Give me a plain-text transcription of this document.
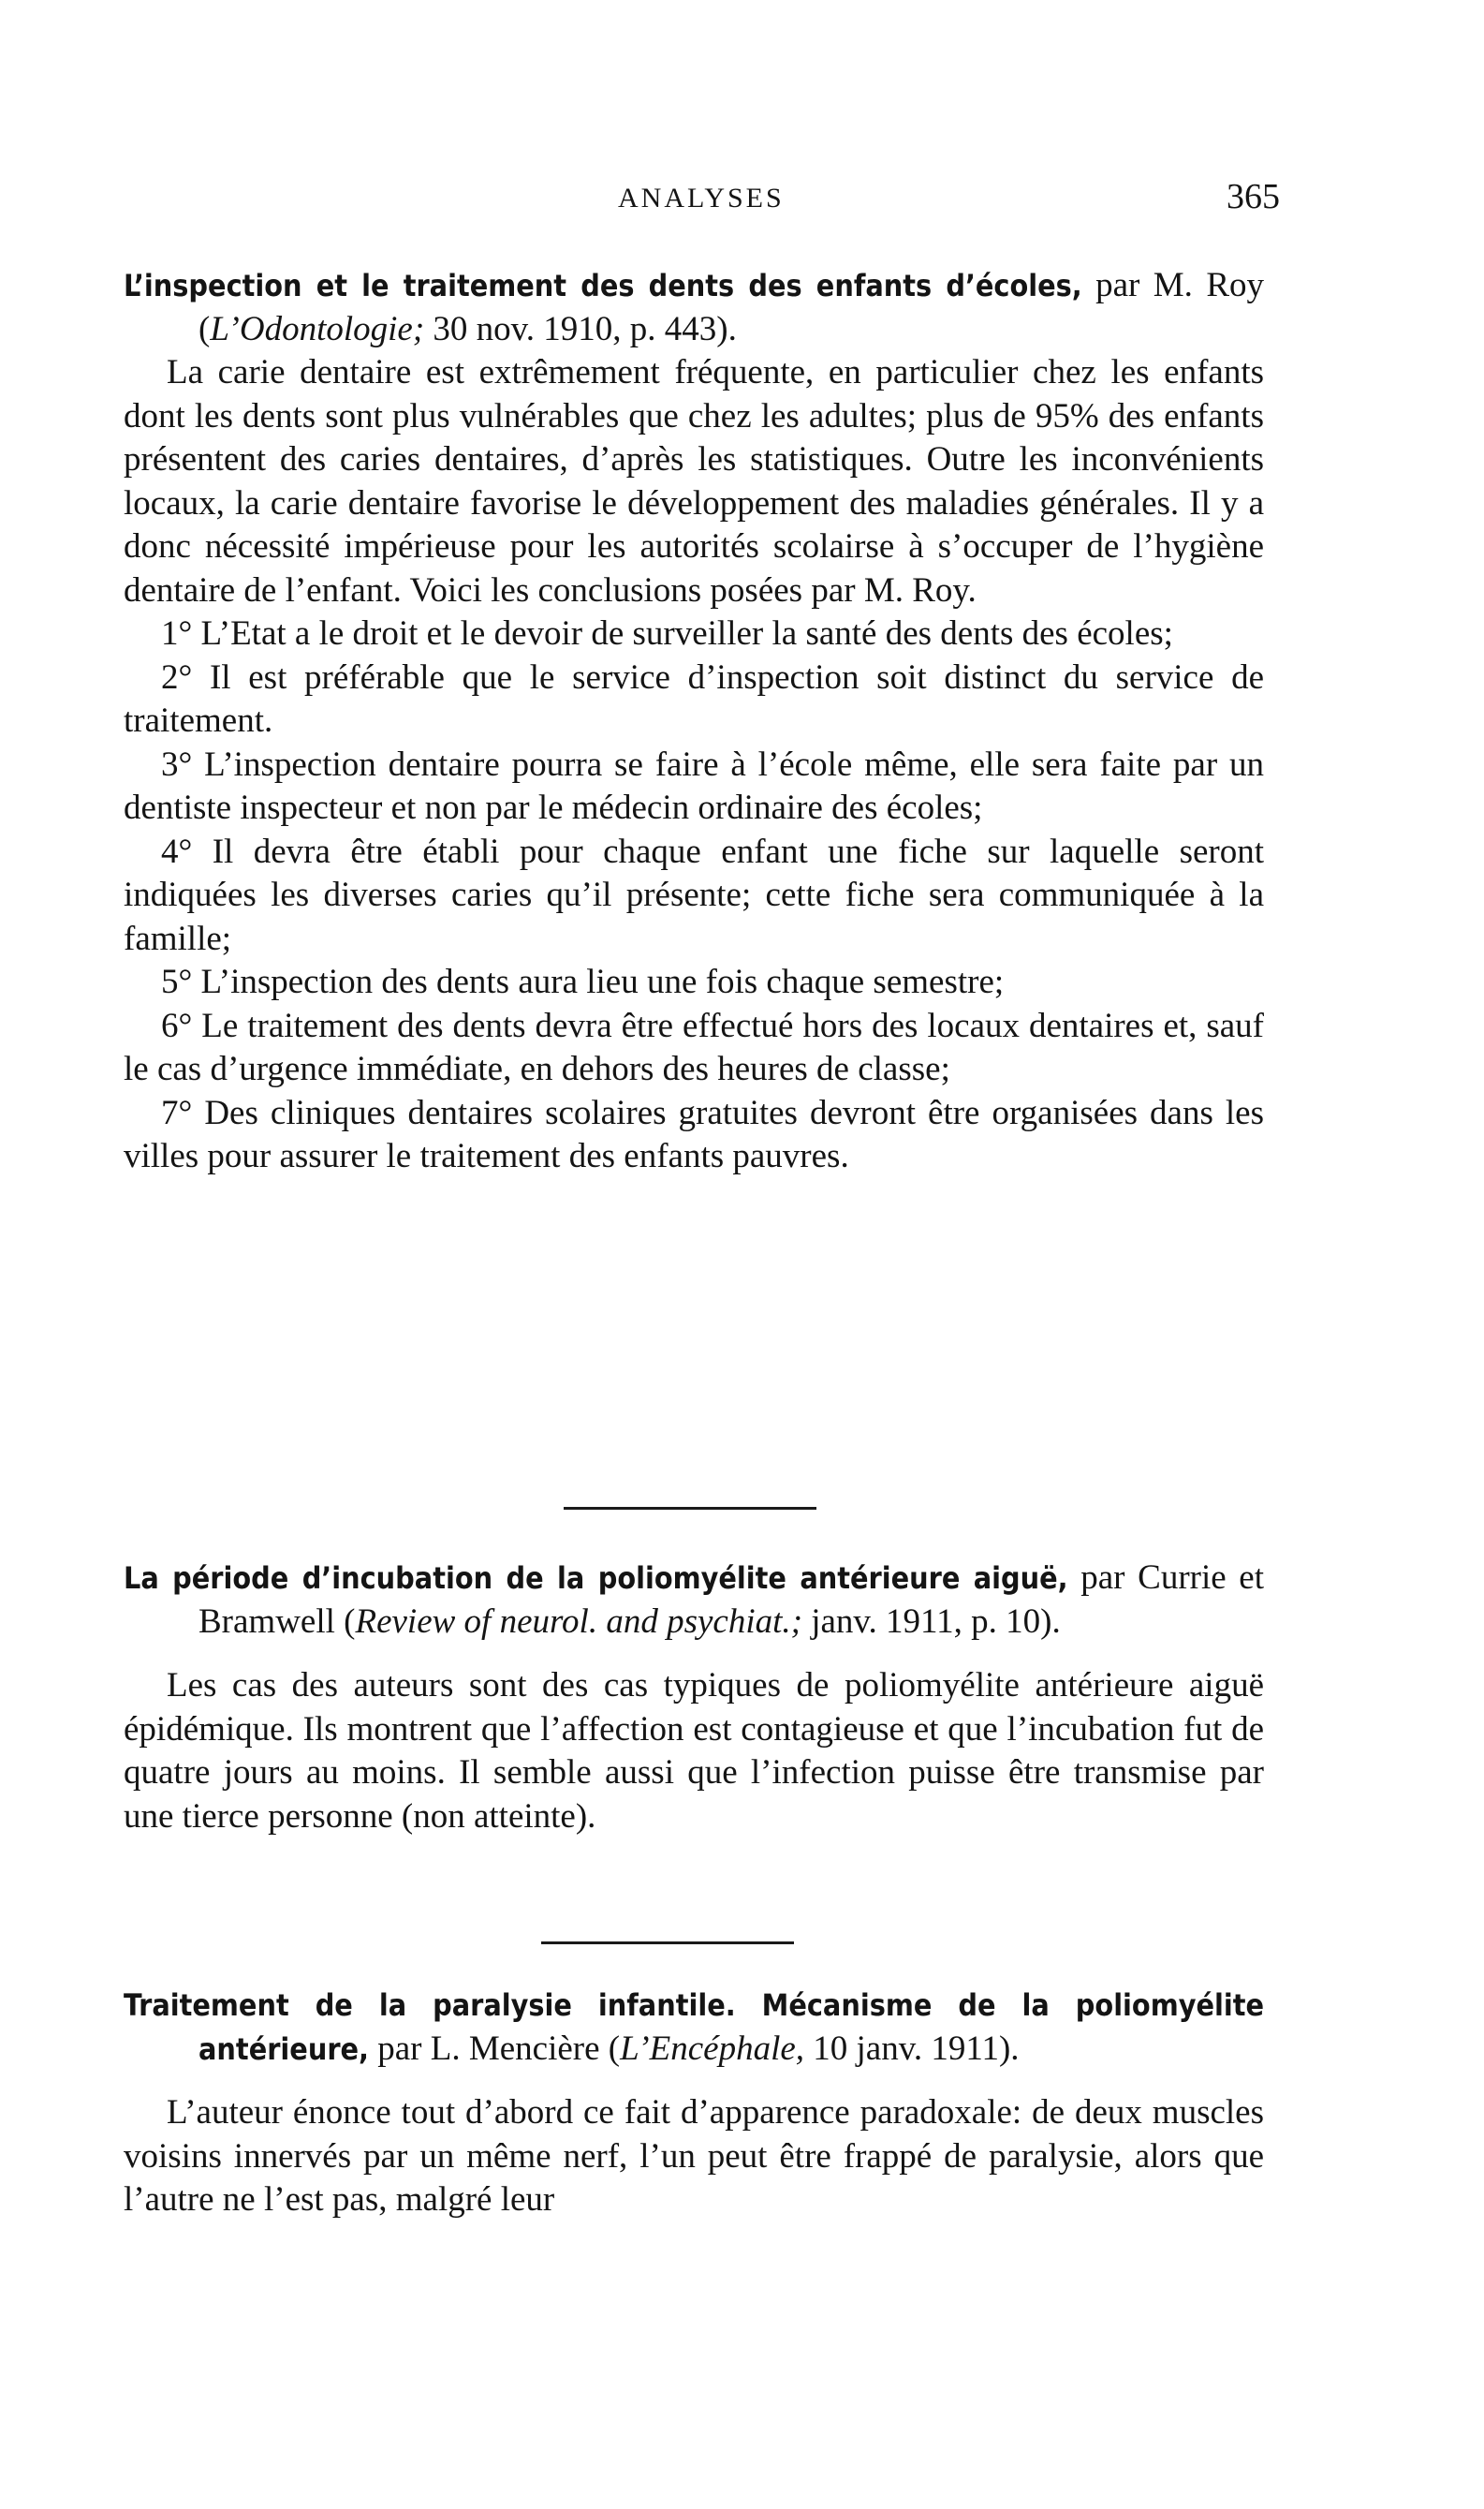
ANALYSES	365

L’inspection et le traitement des dents des enfants d’écoles, par M. Roy (L’Odontologie; 30 nov. 1910, p. 443).

La carie dentaire est extrêmement fréquente, en particulier chez les enfants dont les dents sont plus vulnérables que chez les adultes; plus de 95% des enfants présentent des caries dentaires, d’après les statistiques. Outre les inconvénients locaux, la carie dentaire favorise le développement des maladies générales. Il y a donc nécessité impérieuse pour les autorités scolairse à s’occuper de l’hygiène dentaire de l’enfant. Voici les conclusions posées par M. Roy.

1° L’Etat a le droit et le devoir de surveiller la santé des dents des écoles;

2° Il est préférable que le service d’inspection soit distinct du service de traitement.

3° L’inspection dentaire pourra se faire à l’école même, elle sera faite par un dentiste inspecteur et non par le médecin ordinaire des écoles;

4° Il devra être établi pour chaque enfant une fiche sur laquelle seront indiquées les diverses caries qu’il présente; cette fiche sera communiquée à la famille;

5° L’inspection des dents aura lieu une fois chaque semestre;

6° Le traitement des dents devra être effectué hors des locaux dentaires et, sauf le cas d’urgence immédiate, en dehors des heures de classe;

7° Des cliniques dentaires scolaires gratuites devront être organisées dans les villes pour assurer le traitement des enfants pauvres.

La période d’incubation de la poliomyélite antérieure aiguë, par Currie et Bramwell (Review of neurol. and psychiat.; janv. 1911, p. 10).

Les cas des auteurs sont des cas typiques de poliomyélite antérieure aiguë épidémique. Ils montrent que l’affection est contagieuse et que l’incubation fut de quatre jours au moins. Il semble aussi que l’infection puisse être transmise par une tierce personne (non atteinte).

Traitement de la paralysie infantile. Mécanisme de la poliomyélite antérieure, par L. Mencière (L’Encéphale, 10 janv. 1911).

L’auteur énonce tout d’abord ce fait d’apparence paradoxale: de deux muscles voisins innervés par un même nerf, l’un peut être frappé de paralysie, alors que l’autre ne l’est pas, malgré leur
